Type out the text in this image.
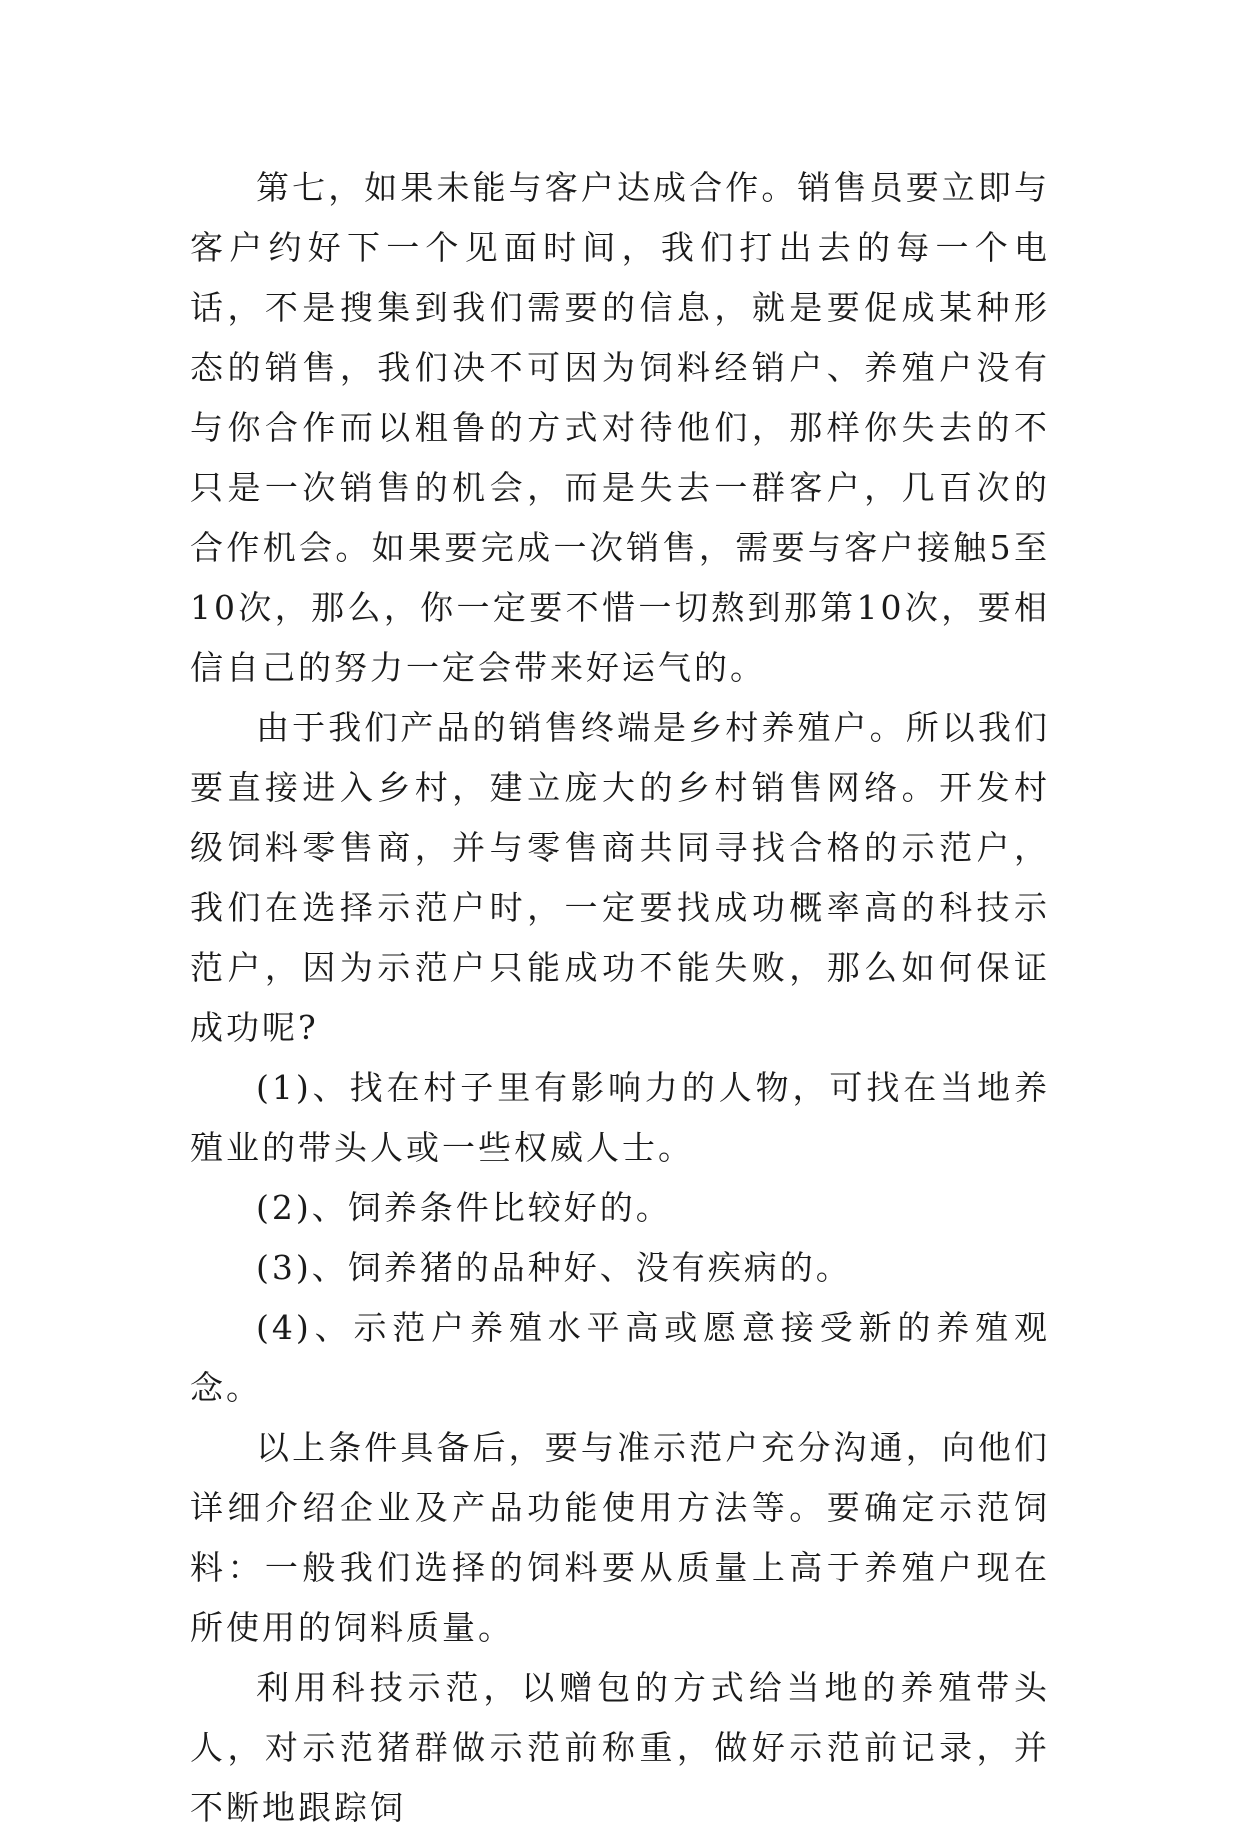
第七，如果未能与客户达成合作。销售员要立即与客户约好下一个见面时间，我们打出去的每一个电话，不是搜集到我们需要的信息，就是要促成某种形态的销售，我们决不可因为饲料经销户、养殖户没有与你合作而以粗鲁的方式对待他们，那样你失去的不只是一次销售的机会，而是失去一群客户，几百次的合作机会。如果要完成一次销售，需要与客户接触5至10次，那么，你一定要不惜一切熬到那第10次，要相信自己的努力一定会带来好运气的。

由于我们产品的销售终端是乡村养殖户。所以我们要直接进入乡村，建立庞大的乡村销售网络。开发村级饲料零售商，并与零售商共同寻找合格的示范户，我们在选择示范户时，一定要找成功概率高的科技示范户，因为示范户只能成功不能失败，那么如何保证成功呢?

(1)、找在村子里有影响力的人物，可找在当地养殖业的带头人或一些权威人士。

(2)、饲养条件比较好的。

(3)、饲养猪的品种好、没有疾病的。

(4)、示范户养殖水平高或愿意接受新的养殖观念。

以上条件具备后，要与准示范户充分沟通，向他们详细介绍企业及产品功能使用方法等。要确定示范饲料：一般我们选择的饲料要从质量上高于养殖户现在所使用的饲料质量。

利用科技示范，以赠包的方式给当地的养殖带头人，对示范猪群做示范前称重，做好示范前记录，并不断地跟踪饲
